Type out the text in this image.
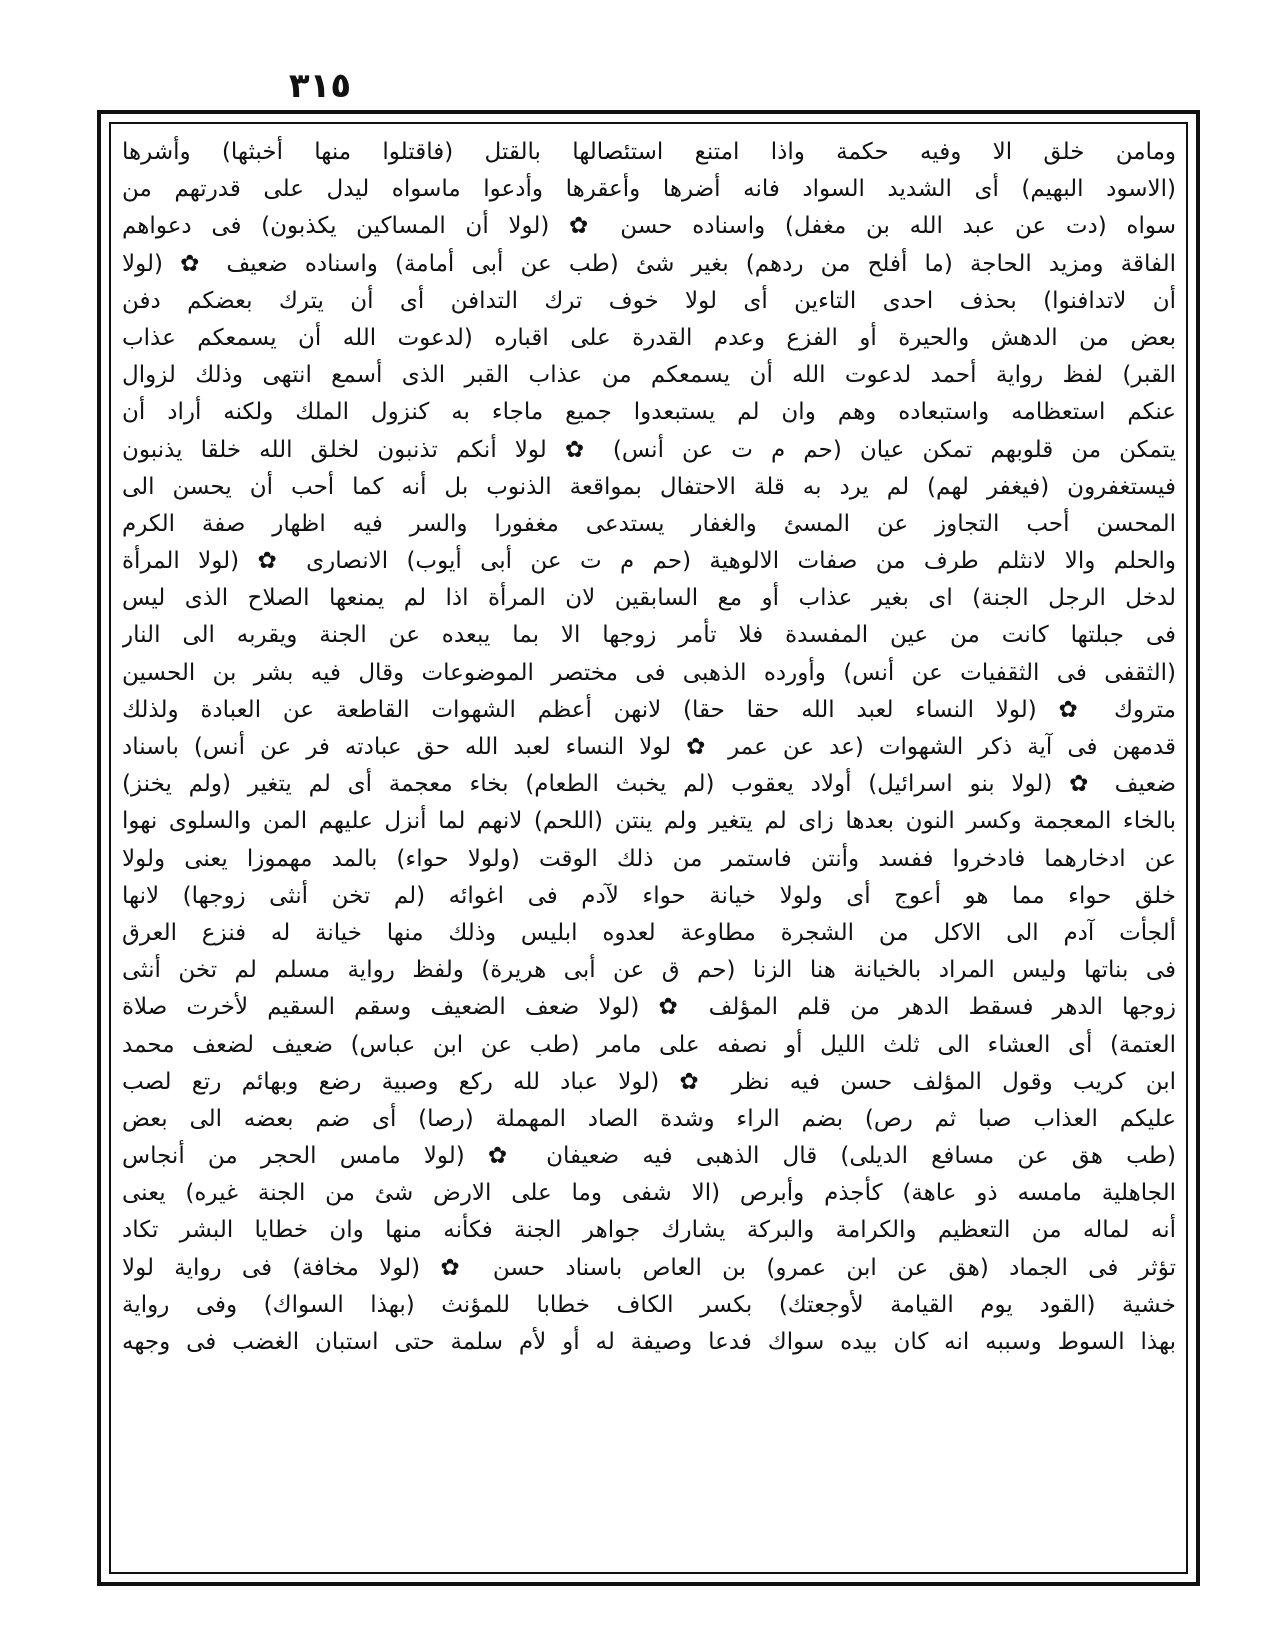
٣١٥
ومامن خلق الا وفيه حكمة واذا امتنع استئصالها بالقتل (فاقتلوا منها أخبثها) وأشرها
(الاسود البهيم) أى الشديد السواد فانه أضرها وأعقرها وأدعوا ماسواه ليدل على قدرتهم من
سواه (دت عن عبد الله بن مغفل) واسناده حسن ✿ (لولا أن المساكين يكذبون) فى دعواهم
الفاقة ومزيد الحاجة (ما أفلح من ردهم) بغير شئ (طب عن أبى أمامة) واسناده ضعيف ✿ (لولا
أن لاتدافنوا) بحذف احدى التاءين أى لولا خوف ترك التدافن أى أن يترك بعضكم دفن
بعض من الدهش والحيرة أو الفزع وعدم القدرة على اقباره (لدعوت الله أن يسمعكم عذاب
القبر) لفظ رواية أحمد لدعوت الله أن يسمعكم من عذاب القبر الذى أسمع انتهى وذلك لزوال
عنكم استعظامه واستبعاده وهم وان لم يستبعدوا جميع ماجاء به كنزول الملك ولكنه أراد أن
يتمكن من قلوبهم تمكن عيان (حم م ت عن أنس) ✿ لولا أنكم تذنبون لخلق الله خلقا يذنبون
فيستغفرون (فيغفر لهم) لم يرد به قلة الاحتفال بمواقعة الذنوب بل أنه كما أحب أن يحسن الى
المحسن أحب التجاوز عن المسئ والغفار يستدعى مغفورا والسر فيه اظهار صفة الكرم
والحلم والا لانثلم طرف من صفات الالوهية (حم م ت عن أبى أيوب) الانصارى ✿ (لولا المرأة
لدخل الرجل الجنة) اى بغير عذاب أو مع السابقين لان المرأة اذا لم يمنعها الصلاح الذى ليس
فى جبلتها كانت من عين المفسدة فلا تأمر زوجها الا بما يبعده عن الجنة ويقربه الى النار
(الثقفى فى الثقفيات عن أنس) وأورده الذهبى فى مختصر الموضوعات وقال فيه بشر بن الحسين
متروك ✿ (لولا النساء لعبد الله حقا حقا) لانهن أعظم الشهوات القاطعة عن العبادة ولذلك
قدمهن فى آية ذكر الشهوات (عد عن عمر ✿ لولا النساء لعبد الله حق عبادته فر عن أنس) باسناد
ضعيف ✿ (لولا بنو اسرائيل) أولاد يعقوب (لم يخبث الطعام) بخاء معجمة أى لم يتغير (ولم يخنز)
بالخاء المعجمة وكسر النون بعدها زاى لم يتغير ولم ينتن (اللحم) لانهم لما أنزل عليهم المن والسلوى نهوا
عن ادخارهما فادخروا ففسد وأنتن فاستمر من ذلك الوقت (ولولا حواء) بالمد مهموزا يعنى ولولا
خلق حواء مما هو أعوج أى ولولا خيانة حواء لآدم فى اغوائه (لم تخن أنثى زوجها) لانها
ألجأت آدم الى الاكل من الشجرة مطاوعة لعدوه ابليس وذلك منها خيانة له فنزع العرق
فى بناتها وليس المراد بالخيانة هنا الزنا (حم ق عن أبى هريرة) ولفظ رواية مسلم لم تخن أنثى
زوجها الدهر فسقط الدهر من قلم المؤلف ✿ (لولا ضعف الضعيف وسقم السقيم لأخرت صلاة
العتمة) أى العشاء الى ثلث الليل أو نصفه على مامر (طب عن ابن عباس) ضعيف لضعف محمد
ابن كريب وقول المؤلف حسن فيه نظر ✿ (لولا عباد لله ركع وصبية رضع وبهائم رتع لصب
عليكم العذاب صبا ثم رص) بضم الراء وشدة الصاد المهملة (رصا) أى ضم بعضه الى بعض
(طب هق عن مسافع الديلى) قال الذهبى فيه ضعيفان ✿ (لولا مامس الحجر من أنجاس
الجاهلية مامسه ذو عاهة) كأجذم وأبرص (الا شفى وما على الارض شئ من الجنة غيره) يعنى
أنه لماله من التعظيم والكرامة والبركة يشارك جواهر الجنة فكأنه منها وان خطايا البشر تكاد
تؤثر فى الجماد (هق عن ابن عمرو) بن العاص باسناد حسن ✿ (لولا مخافة) فى رواية لولا
خشية (القود يوم القيامة لأوجعتك) بكسر الكاف خطابا للمؤنث (بهذا السواك) وفى رواية
بهذا السوط وسببه انه كان بيده سواك فدعا وصيفة له أو لأم سلمة حتى استبان الغضب فى وجهه
